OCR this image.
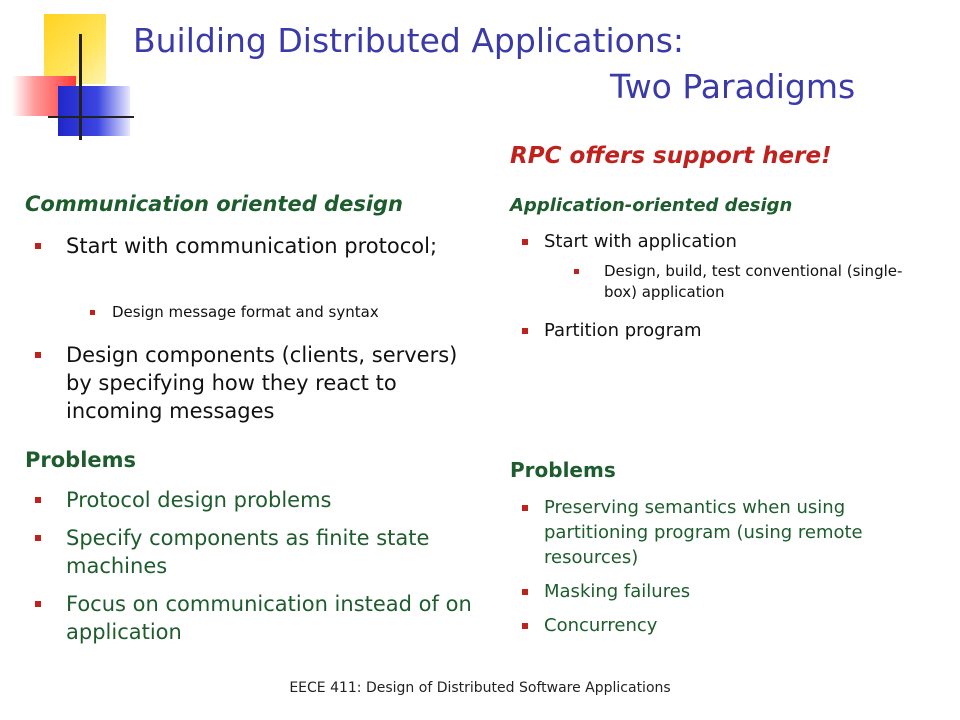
Building Distributed Applications:
Two Paradigms
Communication oriented design
Start with communication protocol;
Design message format and syntax
Design components (clients, servers) by specifying how they react to incoming messages
Problems
Protocol design problems
Specify components as finite state machines
Focus on communication instead of on application
RPC offers support here!
Application-oriented design
Start with application
Design, build, test conventional (single-box) application
Partition program
Problems
Preserving semantics when using partitioning program (using remote resources)
Masking failures
Concurrency
EECE 411: Design of Distributed Software Applications
